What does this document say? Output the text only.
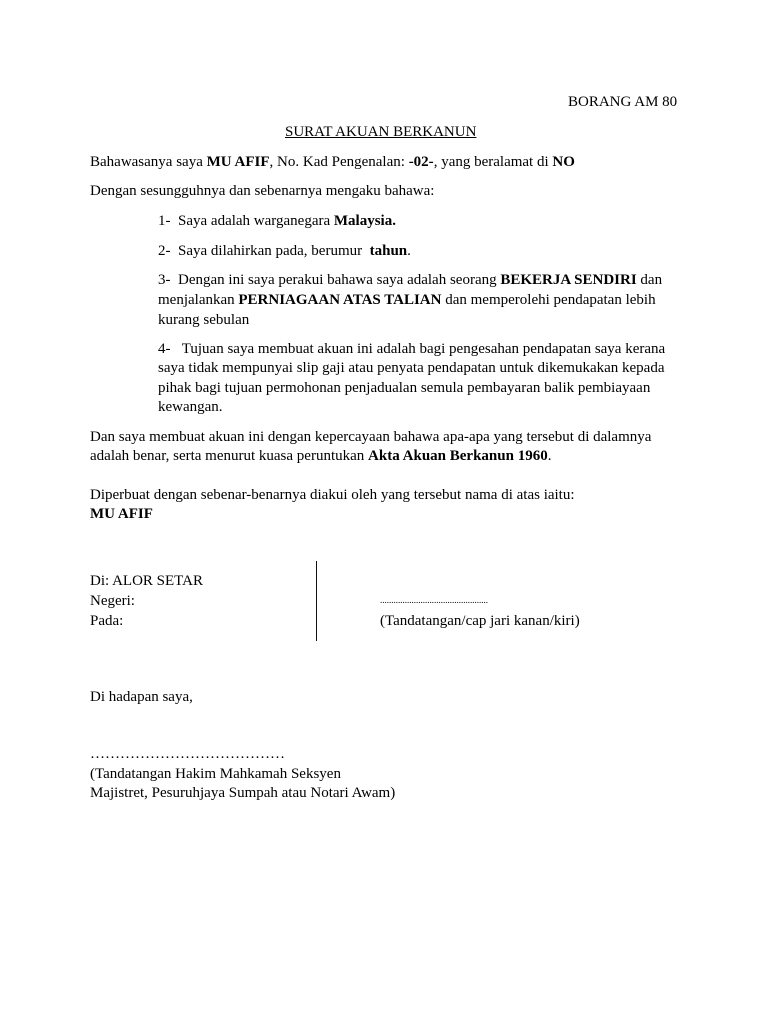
BORANG AM 80
SURAT AKUAN BERKANUN
Bahawasanya saya MU AFIF, No. Kad Pengenalan: -02-, yang beralamat di NO
Dengan sesungguhnya dan sebenarnya mengaku bahawa:
1- Saya adalah warganegara Malaysia.
2- Saya dilahirkan pada, berumur  tahun.
3- Dengan ini saya perakui bahawa saya adalah seorang BEKERJA SENDIRI dan
menjalankan PERNIAGAAN ATAS TALIAN dan memperolehi pendapatan lebih
kurang sebulan
4- Tujuan saya membuat akuan ini adalah bagi pengesahan pendapatan saya kerana
saya tidak mempunyai slip gaji atau penyata pendapatan untuk dikemukakan kepada
pihak bagi tujuan permohonan penjadualan semula pembayaran balik pembiayaan
kewangan.
Dan saya membuat akuan ini dengan kepercayaan bahawa apa-apa yang tersebut di dalamnya
adalah benar, serta menurut kuasa peruntukan Akta Akuan Berkanun 1960.
Diperbuat dengan sebenar-benarnya diakui oleh yang tersebut nama di atas iaitu:
MU AFIF
Di: ALOR SETAR
Negeri:
Pada:
................................................
(Tandatangan/cap jari kanan/kiri)
Di hadapan saya,
…………………………………
(Tandatangan Hakim Mahkamah Seksyen
Majistret, Pesuruhjaya Sumpah atau Notari Awam)
